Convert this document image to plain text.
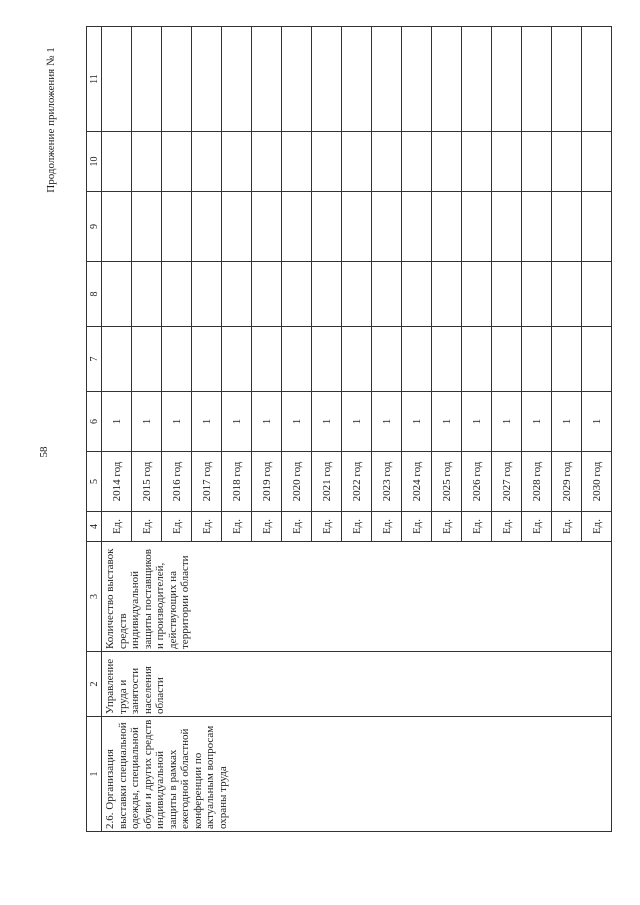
58
Продолжение приложения № 1
1	2	3	4	5	6	7	8	9	10	11
2.6. Организация выставки специальной одежды, специальной обуви и других средств индивидуальной защиты в рамках ежегодной областной конференции по актуальным вопросам охраны труда	Управление труда и занятости населения области	Количество выставок средств индивидуальной защиты поставщиков и производителей, действующих на территории области	Ед.	2014 год	1					
			Ед.	2015 год	1					
			Ед.	2016 год	1					
			Ед.	2017 год	1					
			Ед.	2018 год	1					
			Ед.	2019 год	1					
			Ед.	2020 год	1					
			Ед.	2021 год	1					
			Ед.	2022 год	1					
			Ед.	2023 год	1					
			Ед.	2024 год	1					
			Ед.	2025 год	1					
			Ед.	2026 год	1					
			Ед.	2027 год	1					
			Ед.	2028 год	1					
			Ед.	2029 год	1					
			Ед.	2030 год	1					
